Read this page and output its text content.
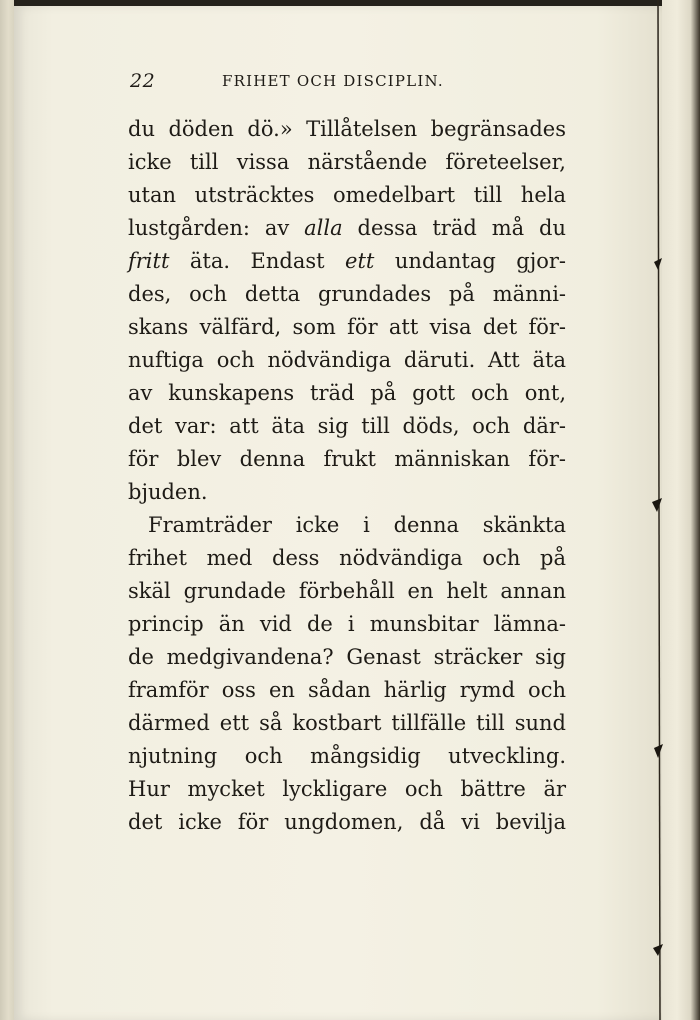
22	FRIHET OCH DISCIPLIN.
du döden dö.» Tillåtelsen begränsades
icke till vissa närstående företeelser,
utan utsträcktes omedelbart till hela
lustgården: av alla dessa träd må du
fritt äta. Endast ett undantag gjor-
des, och detta grundades på männi-
skans välfärd, som för att visa det för-
nuftiga och nödvändiga däruti. Att äta
av kunskapens träd på gott och ont,
det var: att äta sig till döds, och där-
för blev denna frukt människan för-
bjuden.
Framträder icke i denna skänkta
frihet med dess nödvändiga och på
skäl grundade förbehåll en helt annan
princip än vid de i munsbitar lämna-
de medgivandena? Genast sträcker sig
framför oss en sådan härlig rymd och
därmed ett så kostbart tillfälle till sund
njutning och mångsidig utveckling.
Hur mycket lyckligare och bättre är
det icke för ungdomen, då vi bevilja
